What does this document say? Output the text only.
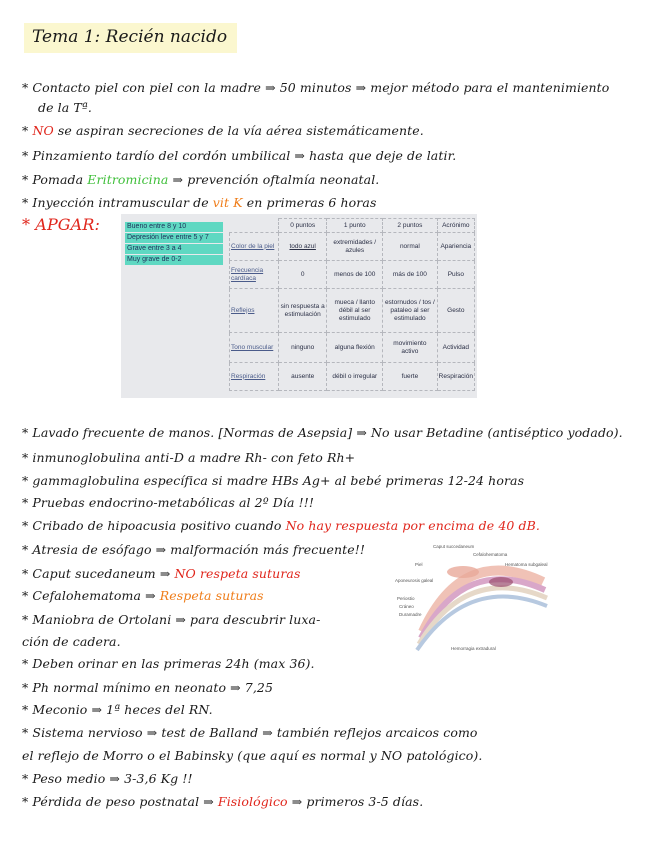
Tema 1: Recién nacido
* Contacto piel con piel con la madre ⇒ 50 minutos ⇒ mejor método para el mantenimiento
de la Tª.
* NO se aspiran secreciones de la vía aérea sistemáticamente.
* Pinzamiento tardío del cordón umbilical ⇒ hasta que deje de latir.
* Pomada Eritromicina ⇒ prevención oftalmía neonatal.
* Inyección intramuscular de vit K en primeras 6 horas
* APGAR:	Bueno entre 8 y 10
Depresión leve entre 5 y 7
Grave entre 3 a 4
Muy grave de 0-2
	0 puntos	1 punto	2 puntos	Acrónimo
Color de la piel	todo azul	extremidades / azules	normal	Apariencia
Frecuencia cardíaca	0	menos de 100	más de 100	Pulso
Reflejos	sin respuesta a estimulación	mueca / llanto débil al ser estimulado	estornudos / tos / pataleo al ser estimulado	Gesto
Tono muscular	ninguno	alguna flexión	movimiento activo	Actividad
Respiración	ausente	débil o irregular	fuerte	Respiración
* Lavado frecuente de manos. [Normas de Asepsia] ⇒ No usar Betadine (antiséptico yodado).
* inmunoglobulina anti-D a madre Rh- con feto Rh+
* gammaglobulina específica si madre HBs Ag+ al bebé primeras 12-24 horas
* Pruebas endocrino-metabólicas al 2º Día !!!
* Cribado de hipoacusia positivo cuando No hay respuesta por encima de 40 dB.
* Atresia de esófago ⇒ malformación más frecuente!!
* Caput sucedaneum ⇒ NO respeta suturas
* Cefalohematoma ⇒ Respeta suturas
* Maniobra de Ortolani ⇒ para descubrir luxa-
ción de cadera.
* Deben orinar en las primeras 24h (max 36).
* Ph normal mínimo en neonato ⇒ 7,25
* Meconio ⇒ 1ª heces del RN.
* Sistema nervioso ⇒ test de Balland ⇒ también reflejos arcaicos como
el reflejo de Morro o el Babinsky (que aquí es normal y NO patológico).
* Peso medio ⇒ 3-3,6 Kg !!
* Pérdida de peso postnatal ⇒ Fisiológico ⇒ primeros 3-5 días.
Caput succedaneum
Cefalohematoma
Hematoma subgaleal
Piel
Aponeurosis galeal
Periostio
Cráneo
Duramadre
Hemorragia extradural
